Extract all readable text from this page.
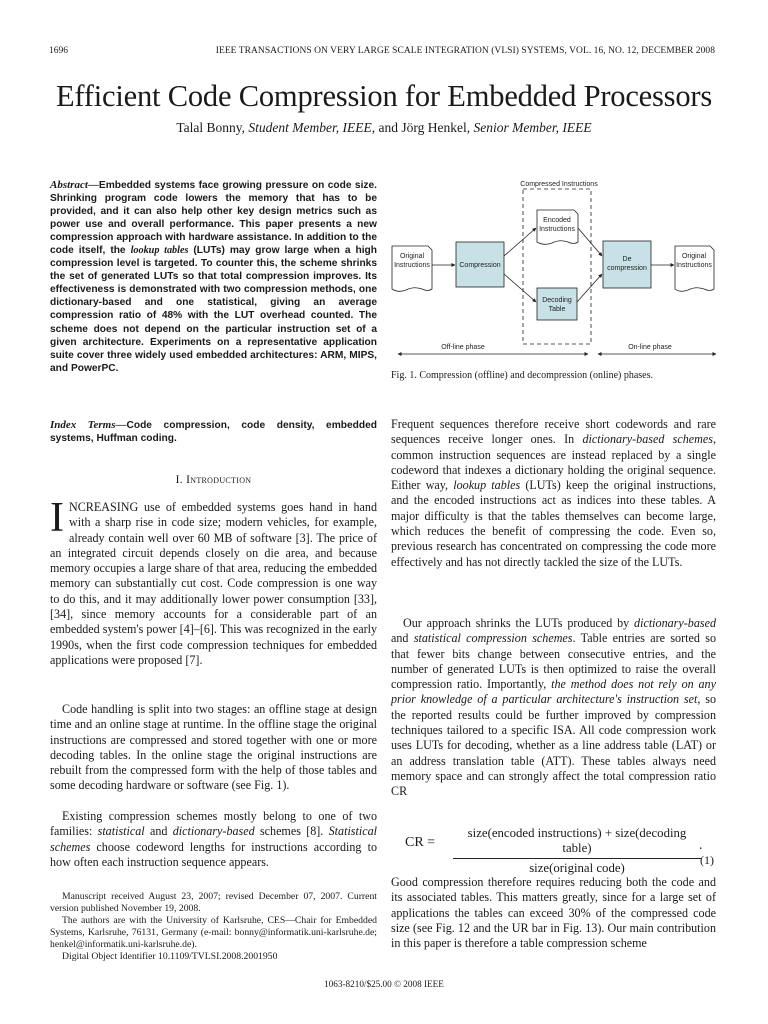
1696	IEEE TRANSACTIONS ON VERY LARGE SCALE INTEGRATION (VLSI) SYSTEMS, VOL. 16, NO. 12, DECEMBER 2008
Efficient Code Compression for Embedded Processors
Talal Bonny, Student Member, IEEE, and Jörg Henkel, Senior Member, IEEE
Abstract—Embedded systems face growing pressure on code size. Shrinking program code lowers the memory that has to be provided, and it can also help other key design metrics such as power use and overall performance. This paper presents a new compression approach with hardware assistance. In addition to the code itself, the lookup tables (LUTs) may grow large when a high compression level is targeted. To counter this, the scheme shrinks the set of generated LUTs so that total compression improves. Its effectiveness is demonstrated with two compression methods, one dictionary-based and one statistical, giving an average compression ratio of 48% with the LUT overhead counted. The scheme does not depend on the particular instruction set of a given architecture. Experiments on a representative application suite cover three widely used embedded architectures: ARM, MIPS, and PowerPC.
Index Terms—Code compression, code density, embedded systems, Huffman coding.
I. Introduction
INCREASING use of embedded systems goes hand in hand with a sharp rise in code size; modern vehicles, for example, already contain well over 60 MB of software [3]. The price of an integrated circuit depends closely on die area, and because memory occupies a large share of that area, reducing the embedded memory can substantially cut cost. Code compression is one way to do this, and it may additionally lower power consumption [33], [34], since memory accounts for a considerable part of an embedded system's power [4]–[6]. This was recognized in the early 1990s, when the first code compression techniques for embedded applications were proposed [7].
Code handling is split into two stages: an offline stage at design time and an online stage at runtime. In the offline stage the original instructions are compressed and stored together with one or more decoding tables. In the online stage the original instructions are rebuilt from the compressed form with the help of those tables and some decoding hardware or software (see Fig. 1).
Existing compression schemes mostly belong to one of two families: statistical and dictionary-based schemes [8]. Statistical schemes choose codeword lengths for instructions according to how often each instruction sequence appears.

Manuscript received August 23, 2007; revised December 07, 2007. Current version published November 19, 2008.

The authors are with the University of Karlsruhe, CES—Chair for Embedded Systems, Karlsruhe, 76131, Germany (e-mail: bonny@informatik.uni-karlsruhe.de; henkel@informatik.uni-karlsruhe.de).

Digital Object Identifier 10.1109/TVLSI.2008.2001950

Compressed Instructions
Original
Instructions	Compression
Encoded
Instructions
Decoding
Table
De
compression
Original
Instructions
Off-line phase	On-line phase
Fig. 1. Compression (offline) and decompression (online) phases.
Frequent sequences therefore receive short codewords and rare sequences receive longer ones. In dictionary-based schemes, common instruction sequences are instead replaced by a single codeword that indexes a dictionary holding the original sequence. Either way, lookup tables (LUTs) keep the original instructions, and the encoded instructions act as indices into these tables. A major difficulty is that the tables themselves can become large, which reduces the benefit of compressing the code. Even so, previous research has concentrated on compressing the code more effectively and has not directly tackled the size of the LUTs.
Our approach shrinks the LUTs produced by dictionary-based and statistical compression schemes. Table entries are sorted so that fewer bits change between consecutive entries, and the number of generated LUTs is then optimized to raise the overall compression ratio. Importantly, the method does not rely on any prior knowledge of a particular architecture's instruction set, so the reported results could be further improved by compression techniques tailored to a specific ISA. All code compression work uses LUTs for decoding, whether as a line address table (LAT) or an address translation table (ATT). These tables always need memory space and can strongly affect the total compression ratio CR
CR =
size(encoded instructions) + size(decoding table)
size(original code)
.
(1)
Good compression therefore requires reducing both the code and its associated tables. This matters greatly, since for a large set of applications the tables can exceed 30% of the compressed code size (see Fig. 12 and the UR bar in Fig. 13). Our main contribution in this paper is therefore a table compression scheme
1063-8210/$25.00 © 2008 IEEE
